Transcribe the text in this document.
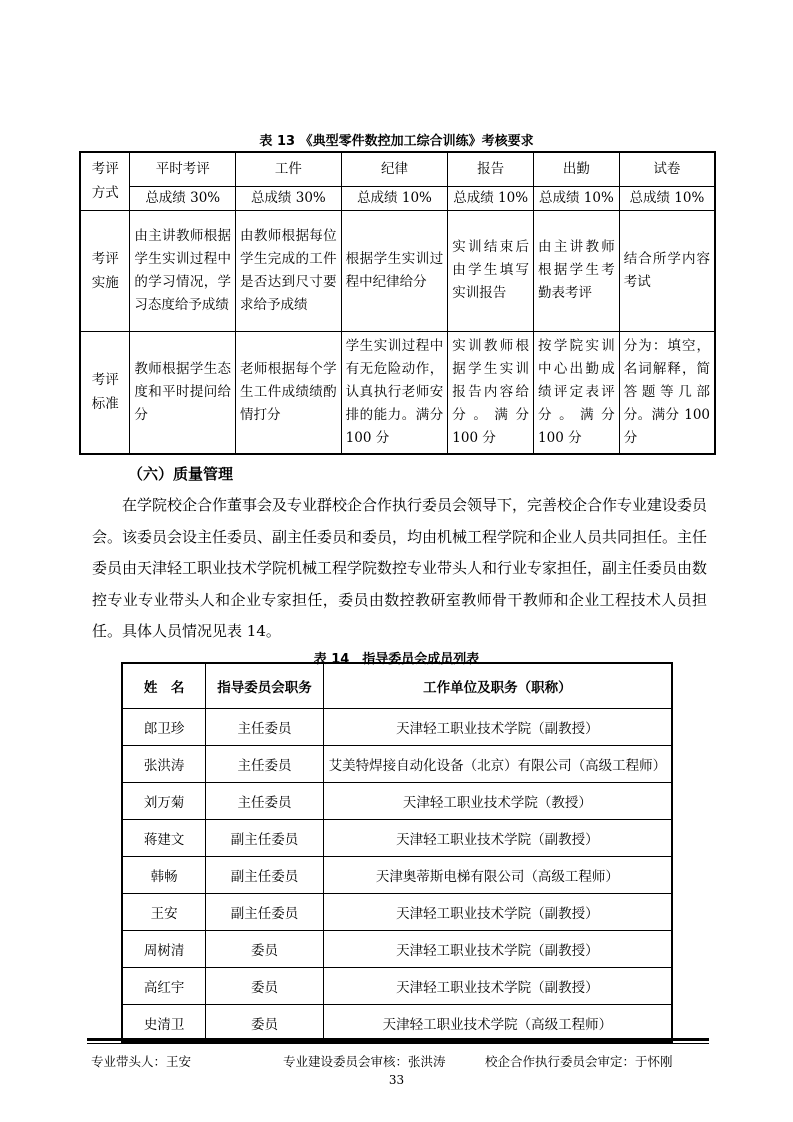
表 13 《典型零件数控加工综合训练》考核要求
考评方式	平时考评	工件	纪律	报告	出勤	试卷
	总成绩 30%	总成绩 30%	总成绩 10%	总成绩 10%	总成绩 10%	总成绩 10%

考评实施	由主讲教师根据学生实训过程中的学习情况，学习态度给予成绩	由教师根据每位学生完成的工件是否达到尺寸要求给予成绩	根据学生实训过程中纪律给分	实训结束后由学生填写实训报告	由主讲教师根据学生考勤表考评	结合所学内容考试

考评标准	教师根据学生态度和平时提问给分	老师根据每个学生工件成绩绩酌情打分	学生实训过程中有无危险动作，认真执行老师安排的能力。满分 100 分	实训教师根据学生实训报告内容给分。满分 100 分	按学院实训中心出勤成绩评定表评分。满分 100 分	分为：填空，名词解释，简答题等几部分。满分 100 分
（六）质量管理

在学院校企合作董事会及专业群校企合作执行委员会领导下，完善校企合作专业建设委员会。该委员会设主任委员、副主任委员和委员，均由机械工程学院和企业人员共同担任。主任委员由天津轻工职业技术学院机械工程学院数控专业带头人和行业专家担任，副主任委员由数控专业专业带头人和企业专家担任，委员由数控教研室教师骨干教师和企业工程技术人员担任。具体人员情况见表 14。

表 14　指导委员会成员列表
姓　名	指导委员会职务	工作单位及职务（职称）
郎卫珍	主任委员	天津轻工职业技术学院（副教授）
张洪涛	主任委员	艾美特焊接自动化设备（北京）有限公司（高级工程师）
刘万菊	主任委员	天津轻工职业技术学院（教授）
蒋建文	副主任委员	天津轻工职业技术学院（副教授）
韩畅	副主任委员	天津奥蒂斯电梯有限公司（高级工程师）
王安	副主任委员	天津轻工职业技术学院（副教授）
周树清	委员	天津轻工职业技术学院（副教授）
高红宇	委员	天津轻工职业技术学院（副教授）
史清卫	委员	天津轻工职业技术学院（高级工程师）
专业带头人：王安	专业建设委员会审核：张洪涛	校企合作执行委员会审定：于怀刚
33
